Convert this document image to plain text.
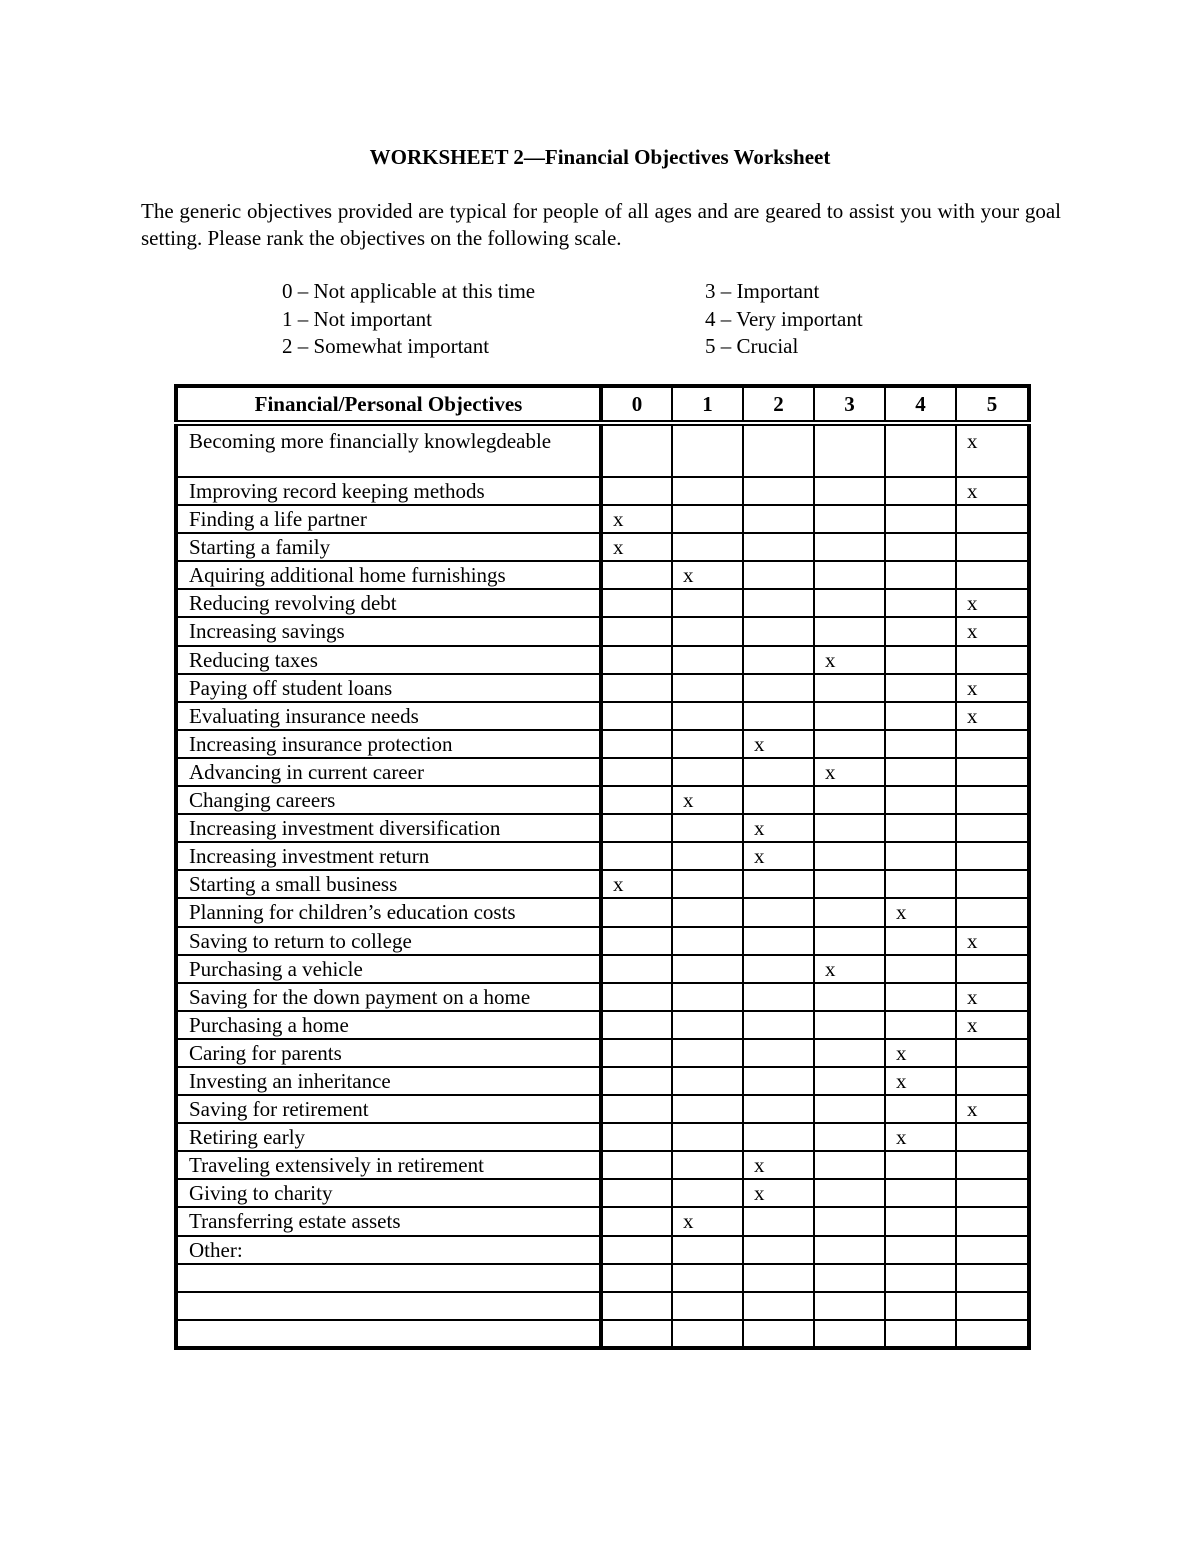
WORKSHEET 2—Financial Objectives Worksheet
The generic objectives provided are typical for people of all ages and are geared to assist you with your goal setting. Please rank the objectives on the following scale.
0 – Not applicable at this time
1 – Not important
2 – Somewhat important
3 – Important
4 – Very important
5 – Crucial
Financial/Personal Objectives	0	1	2	3	4	5
Becoming more financially knowlegdeable						x
Improving record keeping methods						x
Finding a life partner	x					
Starting a family	x					
Aquiring additional home furnishings		x				
Reducing revolving debt						x
Increasing savings						x
Reducing taxes				x		
Paying off student loans						x
Evaluating insurance needs						x
Increasing insurance protection			x			
Advancing in current career				x		
Changing careers		x				
Increasing investment diversification			x			
Increasing investment return			x			
Starting a small business	x					
Planning for children’s education costs					x	
Saving to return to college						x
Purchasing a vehicle				x		
Saving for the down payment on a home						x
Purchasing a home						x
Caring for parents					x	
Investing an inheritance					x	
Saving for retirement						x
Retiring early					x	
Traveling extensively in retirement			x			
Giving to charity			x			
Transferring estate assets		x				
Other:						
